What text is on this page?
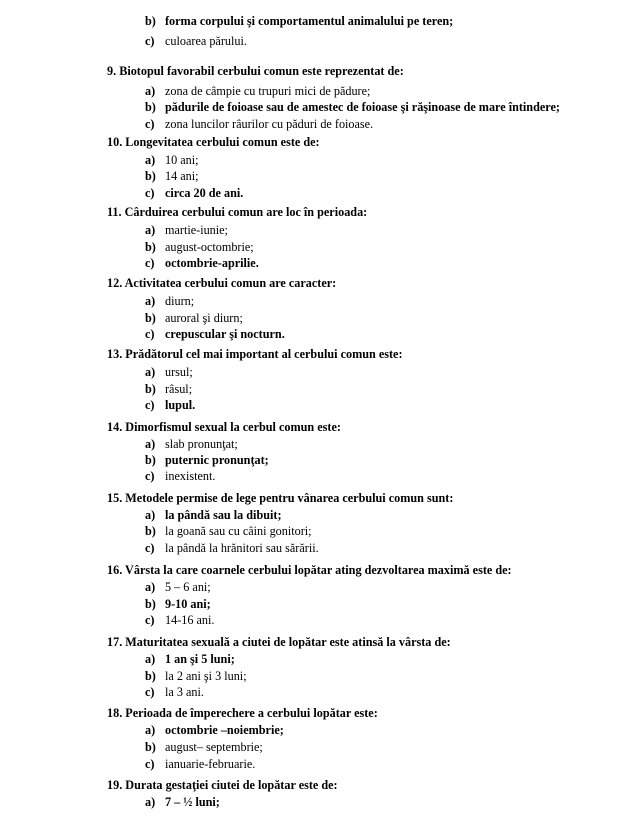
b) forma corpului şi comportamentul animalului pe teren;
c) culoarea părului.
9. Biotopul favorabil cerbului comun este reprezentat de:
a) zona de câmpie cu trupuri mici de pădure;
b) pădurile de foioase sau de amestec de foioase şi răşinoase de mare întindere;
c) zona luncilor râurilor cu păduri de foioase.
10. Longevitatea cerbului comun este de:
a) 10 ani;
b) 14 ani;
c) circa 20 de ani.
11. Cârduirea cerbului comun are loc în perioada:
a) martie-iunie;
b) august-octombrie;
c) octombrie-aprilie.
12. Activitatea cerbului comun are caracter:
a) diurn;
b) auroral şi diurn;
c) crepuscular şi nocturn.
13. Prădătorul cel mai important al cerbului comun este:
a) ursul;
b) râsul;
c) lupul.
14. Dimorfismul sexual la cerbul comun este:
a) slab pronunţat;
b) puternic pronunţat;
c) inexistent.
15. Metodele permise de lege pentru vânarea cerbului comun sunt:
a) la pândă sau la dibuit;
b) la goană sau cu câini gonitori;
c) la pândă la hrănitori sau sărării.
16. Vârsta la care coarnele cerbului lopătar ating dezvoltarea maximă este de:
a) 5 – 6 ani;
b) 9-10 ani;
c) 14-16 ani.
17. Maturitatea sexuală a ciutei de lopătar este atinsă la vârsta de:
a) 1 an şi 5 luni;
b) la 2 ani şi 3 luni;
c) la 3 ani.
18. Perioada de împerechere a cerbului lopătar este:
a) octombrie –noiembrie;
b) august– septembrie;
c) ianuarie-februarie.
19. Durata gestaţiei ciutei de lopătar este de:
a) 7 – ½ luni;
